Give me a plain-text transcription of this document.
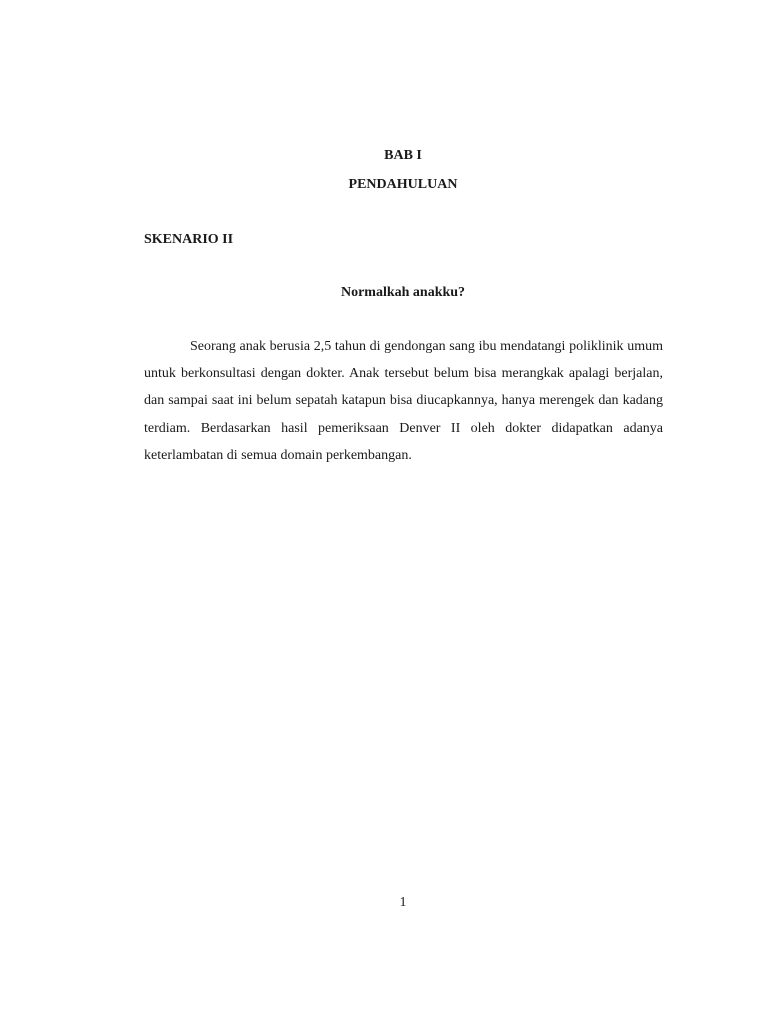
BAB I
PENDAHULUAN
SKENARIO II
Normalkah anakku?

Seorang anak berusia 2,5 tahun di gendongan sang ibu mendatangi poliklinik umum untuk berkonsultasi dengan dokter. Anak tersebut belum bisa merangkak apalagi berjalan, dan sampai saat ini belum sepatah katapun bisa diucapkannya, hanya merengek dan kadang terdiam. Berdasarkan hasil pemeriksaan Denver II oleh dokter didapatkan adanya keterlambatan di semua domain perkembangan.

1
